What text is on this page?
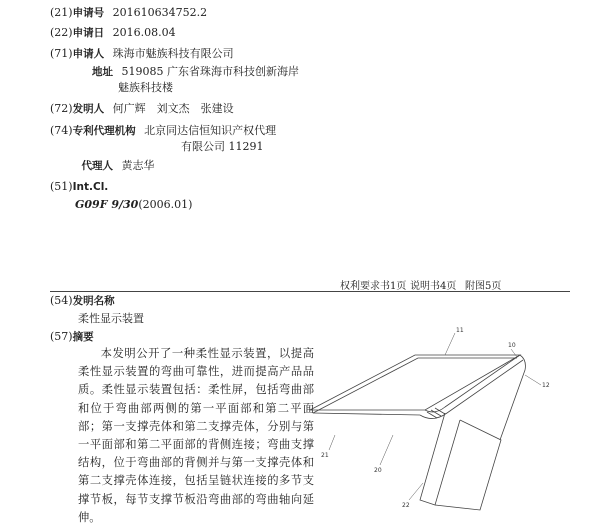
(21)申请号 201610634752.2
(22)申请日 2016.08.04
(71)申请人 珠海市魅族科技有限公司
地址 519085 广东省珠海市科技创新海岸
魅族科技楼
(72)发明人 何广辉　刘文杰　张建设
(74)专利代理机构 北京同达信恒知识产权代理
有限公司 11291
代理人 黄志华
(51)Int.Cl.
G09F 9/30(2006.01)
权利要求书1页 说明书4页 附图5页
(54)发明名称
柔性显示装置
(57)摘要

本发明公开了一种柔性显示装置，以提高柔性显示装置的弯曲可靠性，进而提高产品品质。柔性显示装置包括：柔性屏，包括弯曲部和位于弯曲部两侧的第一平面部和第二平面部；第一支撑壳体和第二支撑壳体，分别与第一平面部和第二平面部的背侧连接；弯曲支撑结构，位于弯曲部的背侧并与第一支撑壳体和第二支撑壳体连接，包括呈链状连接的多节支撑节板，每节支撑节板沿弯曲部的弯曲轴向延伸。

11
10
12
21
20
22
